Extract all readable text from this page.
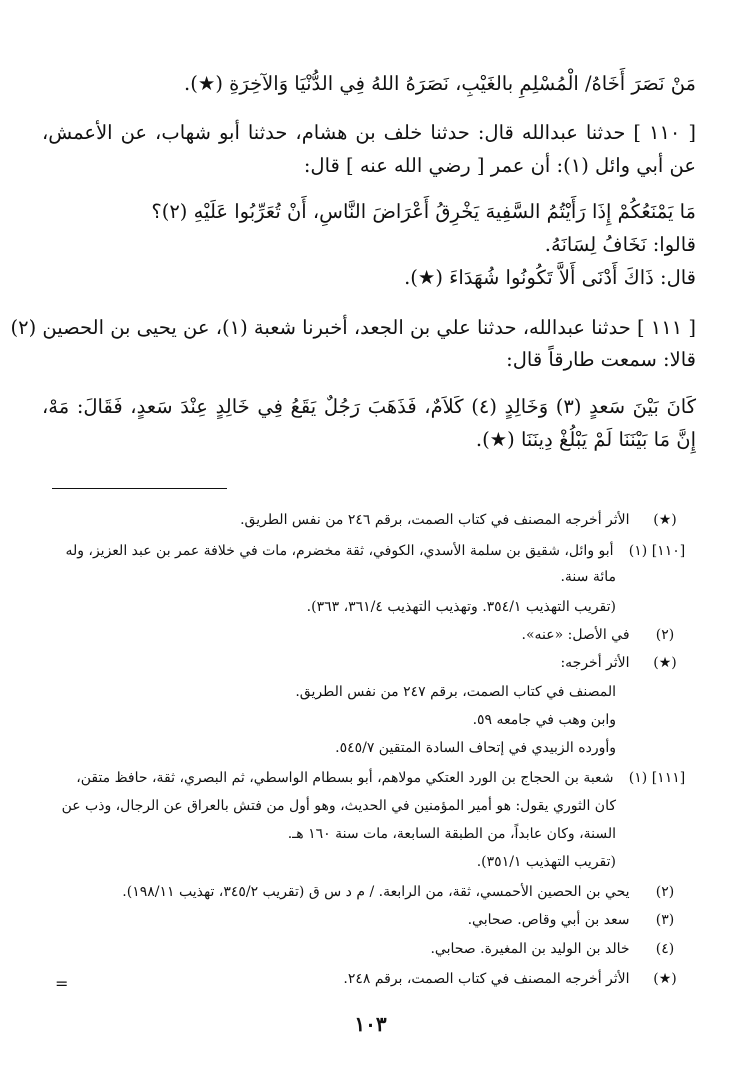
مَنْ نَصَرَ أَخَاهُ/ الْمُسْلِمِ بالغَيْبِ، نَصَرَهُ اللهُ فِي الدُّنْيَا وَالآخِرَةِ (★).
[ ١١٠ ] حدثنا عبدالله قال: حدثنا خلف بن هشام، حدثنا أبو شهاب، عن الأعمش،
عن أبي وائل (١): أن عمر [ رضي الله عنه ] قال:
مَا يَمْنَعُكُمْ إِذَا رَأَيْتُمُ السَّفِيهَ يَخْرِقُ أَعْرَاضَ النَّاسِ، أَنْ تُعَرِّبُوا عَلَيْهِ (٢)؟
قالوا: نَخَافُ لِسَانَهُ.
قال: ذَاكَ أَدْنَى أَلاَّ تَكُونُوا شُهَدَاءَ (★).
[ ١١١ ] حدثنا عبدالله، حدثنا علي بن الجعد، أخبرنا شعبة (١)، عن يحيى بن الحصين (٢)
قالا: سمعت طارقاً قال:
كَانَ بَيْنَ سَعدٍ (٣) وَخَالِدٍ (٤) كَلاَمٌ، فَذَهَبَ رَجُلٌ يَقَعُ فِي خَالِدٍ عِنْدَ سَعدٍ، فَقَالَ: مَهْ،
إِنَّ مَا بَيْنَنَا لَمْ يَبْلُغْ دِينَنَا (★).
(★) الأثر أخرجه المصنف في كتاب الصمت، برقم ٢٤٦ من نفس الطريق.
[١١٠] (١) أبو وائل، شقيق بن سلمة الأسدي، الكوفي، ثقة مخضرم، مات في خلافة عمر بن عبد العزيز، وله
مائة سنة.
(تقريب التهذيب ٣٥٤/١. وتهذيب التهذيب ٣٦١/٤، ٣٦٣).
(٢) في الأصل: «عنه».
(★) الأثر أخرجه:
المصنف في كتاب الصمت، برقم ٢٤٧ من نفس الطريق.
وابن وهب في جامعه ٥٩.
وأورده الزبيدي في إتحاف السادة المتقين ٥٤٥/٧.
[١١١] (١) شعبة بن الحجاج بن الورد العتكي مولاهم، أبو بسطام الواسطي، ثم البصري، ثقة، حافظ متقن،
كان الثوري يقول: هو أمير المؤمنين في الحديث، وهو أول من فتش بالعراق عن الرجال، وذب عن
السنة، وكان عابداً، من الطبقة السابعة، مات سنة ١٦٠ هـ.
(تقريب التهذيب ٣٥١/١).
(٢) يحي بن الحصين الأحمسي، ثقة، من الرابعة. / م د س ق (تقريب ٣٤٥/٢، تهذيب ١٩٨/١١).
(٣) سعد بن أبي وقاص. صحابي.
(٤) خالد بن الوليد بن المغيرة. صحابي.
(★) الأثر أخرجه المصنف في كتاب الصمت، برقم ٢٤٨.
=
١٠٣
